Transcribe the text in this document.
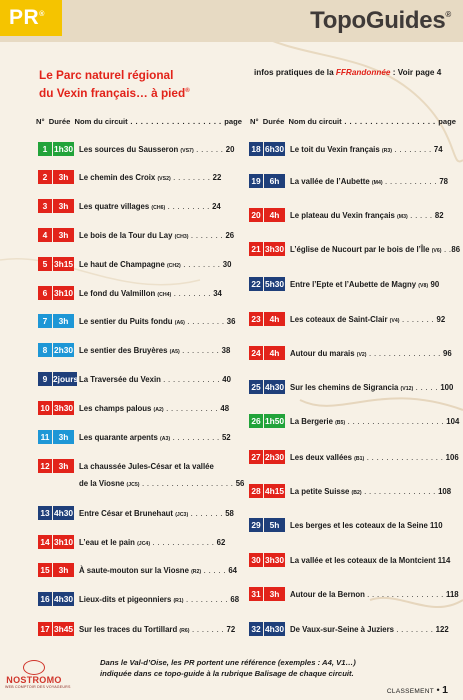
PR®	TopoGuides®
Le Parc naturel régional
du Vexin français… à pied®
infos pratiques de la FFRandonnée : Voir page 4
N° Durée Nom du circuit . . . . . . . . . . . . . . . . . . page N° Durée Nom du circuit . . . . . . . . . . . . . . . . . . page
1 1h30 Les sources du Sausseron (VS7) . . . . . . 20
2	3h	Le chemin des Croix (VS2) . . . . . . . . 22
3	3h	Les quatre villages (CH6) . . . . . . . . . 24
4	3h	Le bois de la Tour du Lay (CH3) . . . . . . . 26
5 3h15 Le haut de Champagne (CH2) . . . . . . . . 30
6 3h10 Le fond du Valmillon (CH4) . . . . . . . . 34
7	3h	Le sentier du Puits fondu (A6) . . . . . . . . 36
8 2h30 Le sentier des Bruyères (A5) . . . . . . . . 38
9 2jours La Traversée du Vexin . . . . . . . . . . . . 40
10 3h30 Les champs palous (A2) . . . . . . . . . . . 48
11	3h	Les quarante arpents (A3) . . . . . . . . . . 52
12	3h	La chaussée Jules-César et la vallée
de la Viosne (JC5) . . . . . . . . . . . . . . . . . . . 56
13 4h30 Entre César et Brunehaut (JC3) . . . . . . . 58
14 3h10 L’eau et le pain (JC4) . . . . . . . . . . . . . 62
15	3h	À saute-mouton sur la Viosne (R2) . . . . . 64
16 4h30 Lieux-dits et pigeonniers (R1) . . . . . . . . . 68
17 3h45 Sur les traces du Tortillard (R6) . . . . . . . 72
18 6h30 Le toit du Vexin français (R3) . . . . . . . . 74
19	6h	La vallée de l’Aubette (M4) . . . . . . . . . . . 78
20	4h	Le plateau du Vexin français (M3) . . . . . 82
21 3h30 L’église de Nucourt par le bois de l’Île (V6) . .86
22 5h30 Entre l’Epte et l’Aubette de Magny (V8) 90
23	4h	Les coteaux de Saint-Clair (V4) . . . . . . . 92
24	4h	Autour du marais (V2) . . . . . . . . . . . . . . . 96
25 4h30 Sur les chemins de Sigrancia (V12) . . . . . 100
26 1h50 La Bergerie (B5) . . . . . . . . . . . . . . . . . . . . 104
27 2h30 Les deux vallées (B1) . . . . . . . . . . . . . . . . 106
28 4h15 La petite Suisse (B2) . . . . . . . . . . . . . . . 108
29	5h	Les berges et les coteaux de la Seine 110
30 3h30 La vallée et les coteaux de la Montcient 114
31	3h	Autour de la Bernon . . . . . . . . . . . . . . . . 118
32 4h30 De Vaux-sur-Seine à Juziers . . . . . . . . 122
Dans le Val-d’Oise, les PR portent une référence (exemples : A4, V1…)
indiquée dans ce topo-guide à la rubrique Balisage de chaque circuit.
CLASSEMENT • 1
NOSTROMO
WEB COMPTOIR DES VOYAGEURS
